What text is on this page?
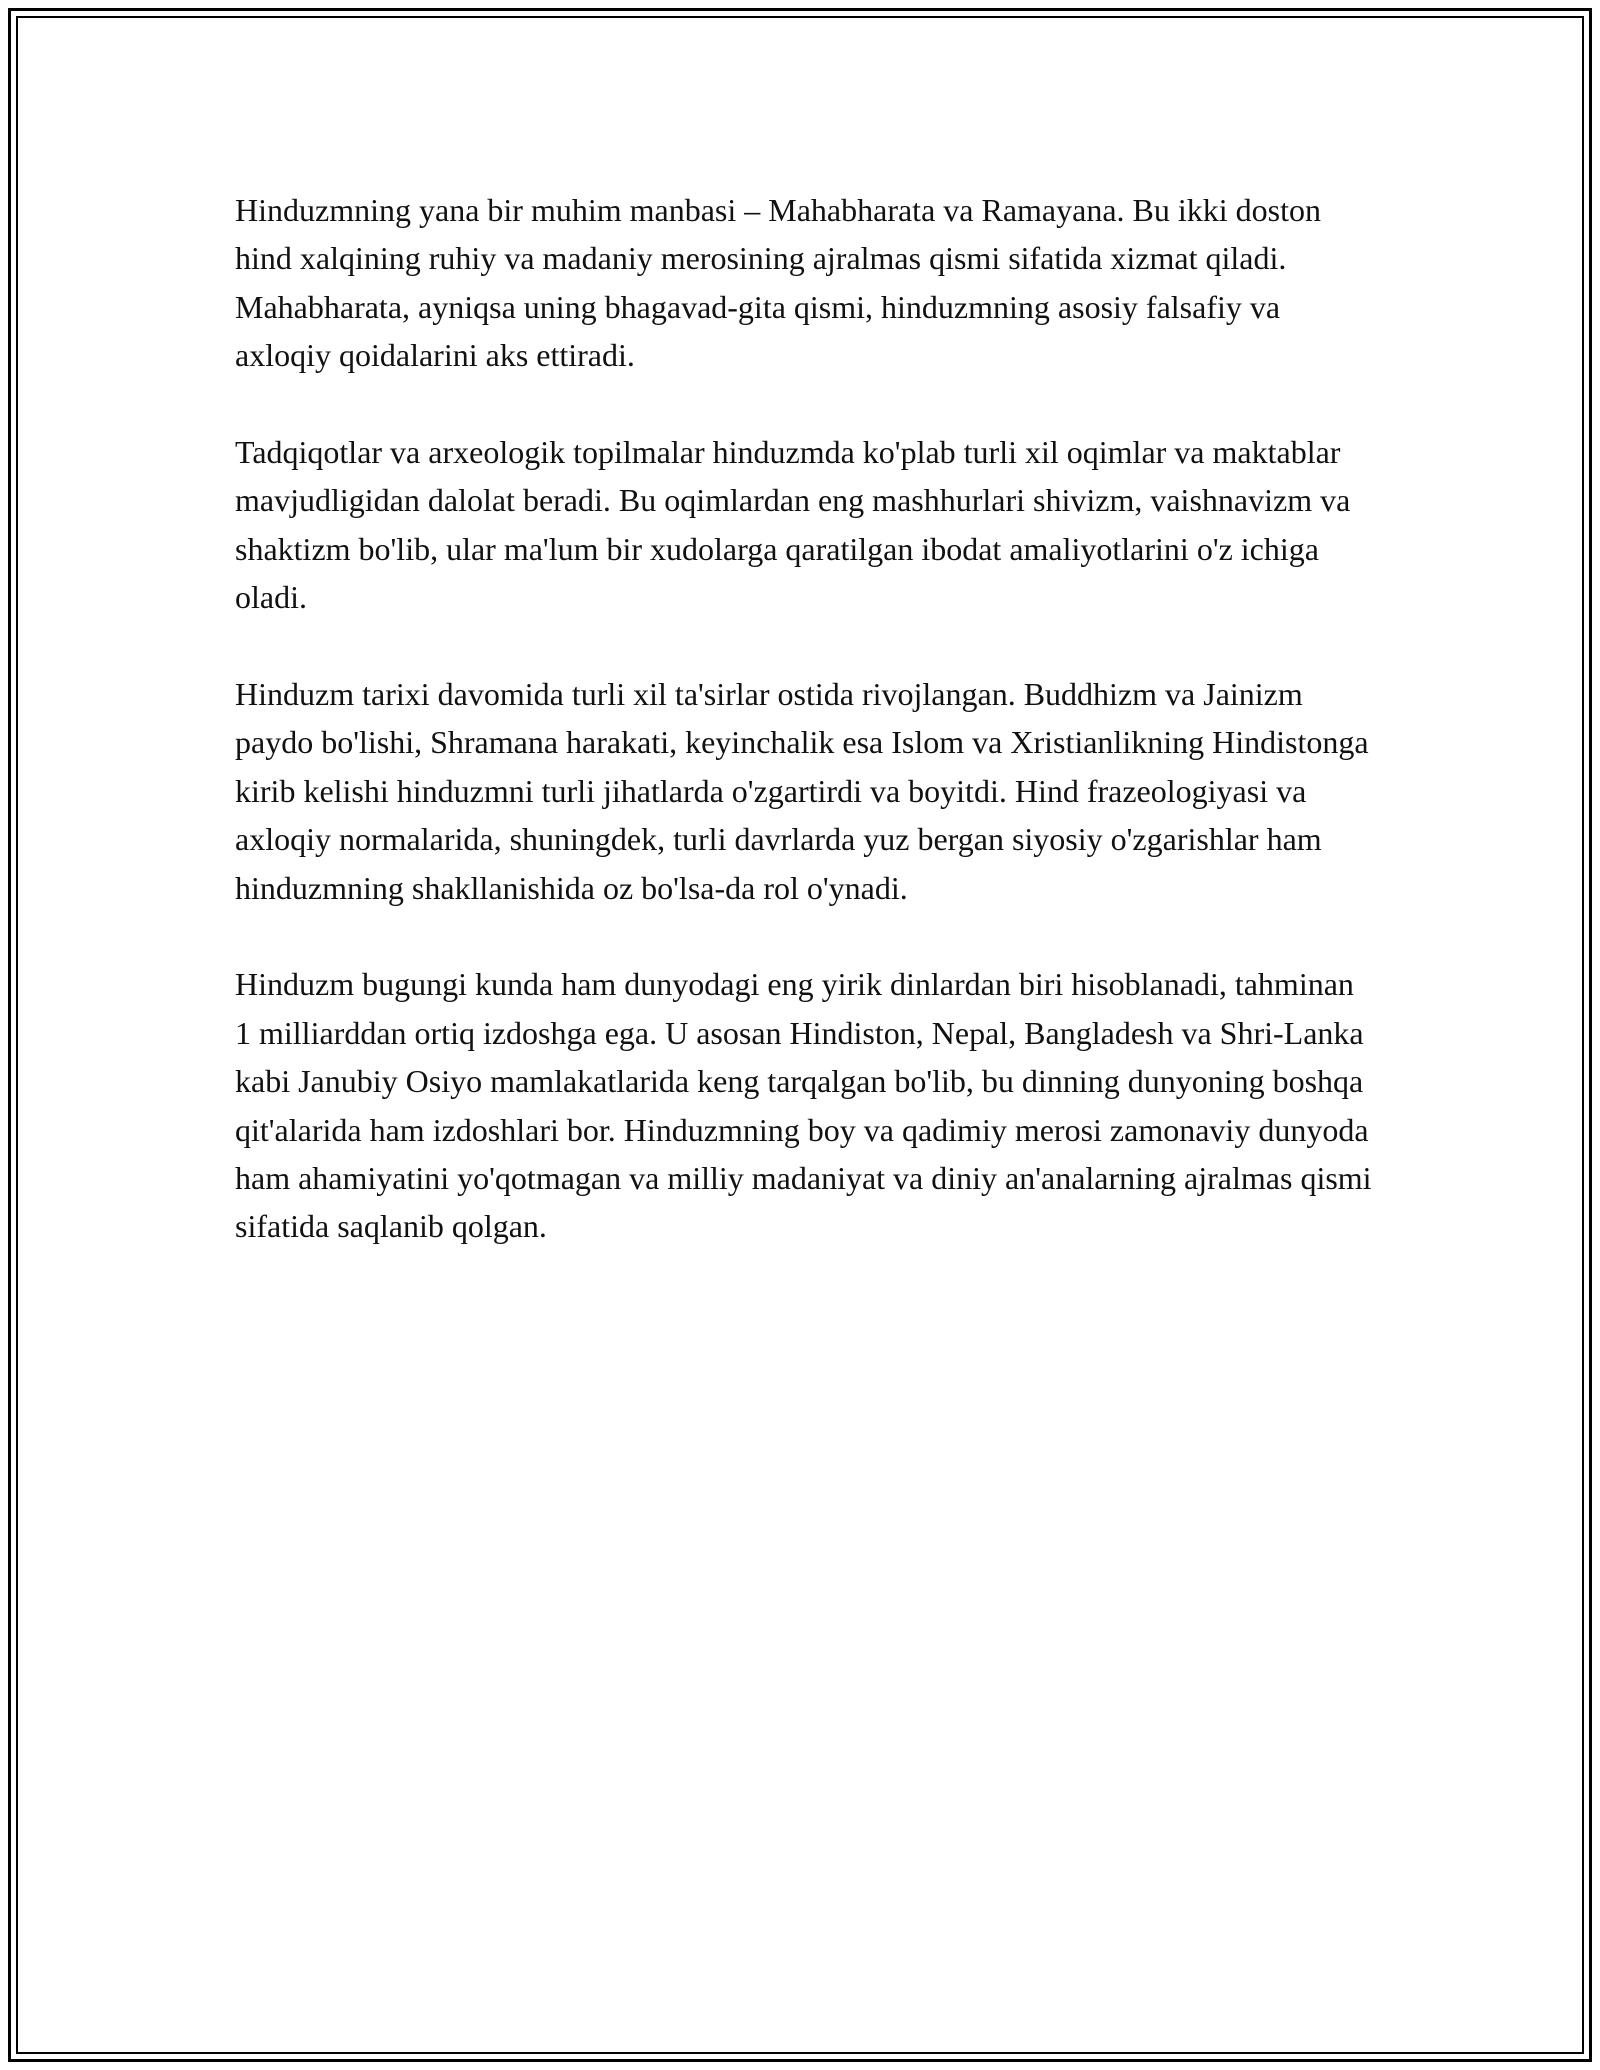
Hinduzmning yana bir muhim manbasi – Mahabharata va Ramayana. Bu ikki doston hind xalqining ruhiy va madaniy merosining ajralmas qismi sifatida xizmat qiladi. Mahabharata, ayniqsa uning bhagavad-gita qismi, hinduzmning asosiy falsafiy va axloqiy qoidalarini aks ettiradi.

Tadqiqotlar va arxeologik topilmalar hinduzmda ko'plab turli xil oqimlar va maktablar mavjudligidan dalolat beradi. Bu oqimlardan eng mashhurlari shivizm, vaishnavizm va shaktizm bo'lib, ular ma'lum bir xudolarga qaratilgan ibodat amaliyotlarini o'z ichiga oladi.

Hinduzm tarixi davomida turli xil ta'sirlar ostida rivojlangan. Buddhizm va Jainizm paydo bo'lishi, Shramana harakati, keyinchalik esa Islom va Xristianlikning Hindistonga kirib kelishi hinduzmni turli jihatlarda o'zgartirdi va boyitdi. Hind frazeologiyasi va axloqiy normalarida, shuningdek, turli davrlarda yuz bergan siyosiy o'zgarishlar ham hinduzmning shakllanishida oz bo'lsa-da rol o'ynadi.

Hinduzm bugungi kunda ham dunyodagi eng yirik dinlardan biri hisoblanadi, tahminan 1 milliarddan ortiq izdoshga ega. U asosan Hindiston, Nepal, Bangladesh va Shri-Lanka kabi Janubiy Osiyo mamlakatlarida keng tarqalgan bo'lib, bu dinning dunyoning boshqa qit'alarida ham izdoshlari bor. Hinduzmning boy va qadimiy merosi zamonaviy dunyoda ham ahamiyatini yo'qotmagan va milliy madaniyat va diniy an'analarning ajralmas qismi sifatida saqlanib qolgan.
